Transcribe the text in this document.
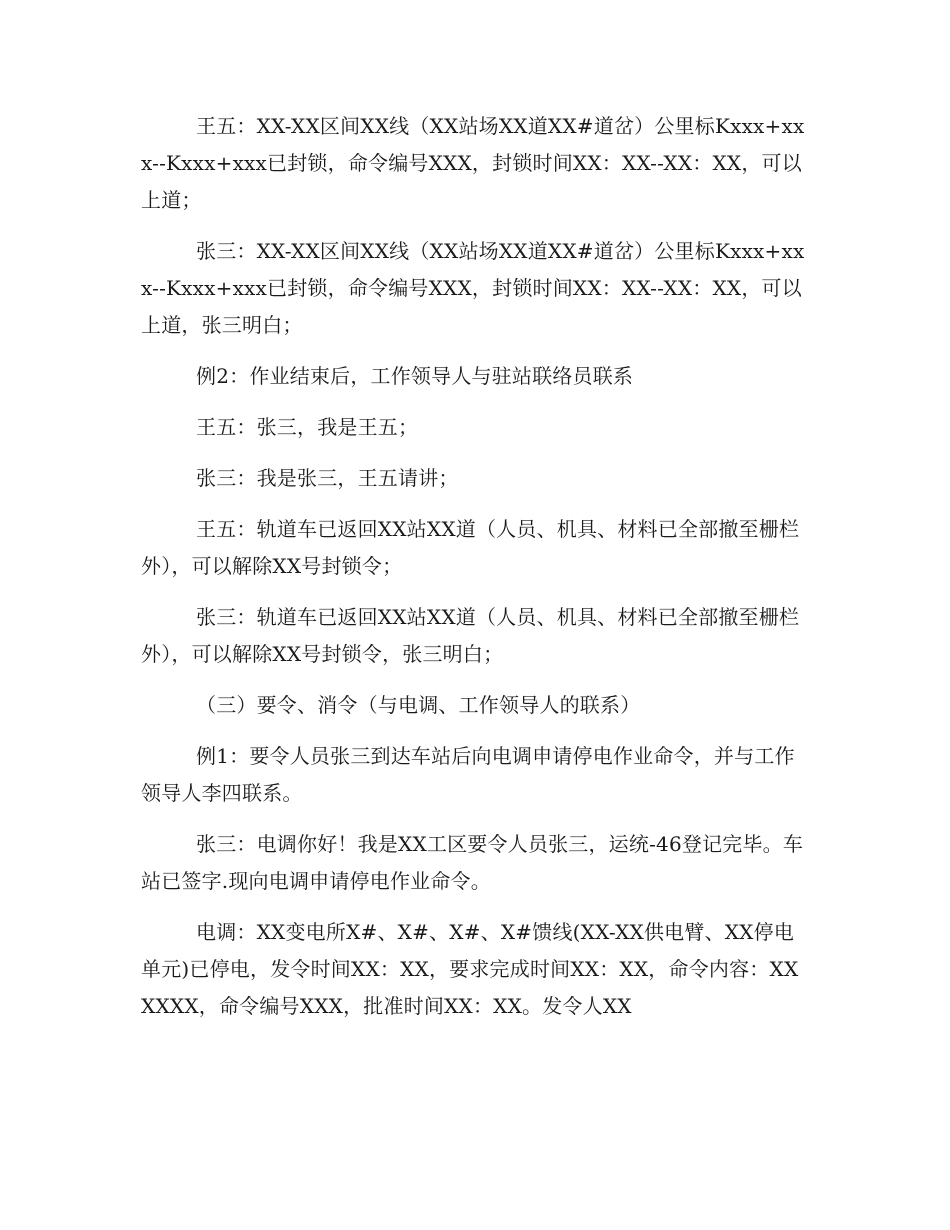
王五：XX-XX区间XX线（XX站场XX道XX#道岔）公里标Kxxx+xxx--Kxxx+xxx已封锁，命令编号XXX，封锁时间XX：XX--XX：XX，可以上道；

张三：XX-XX区间XX线（XX站场XX道XX#道岔）公里标Kxxx+xxx--Kxxx+xxx已封锁，命令编号XXX，封锁时间XX：XX--XX：XX，可以上道，张三明白；

例2：作业结束后，工作领导人与驻站联络员联系

王五：张三，我是王五；

张三：我是张三，王五请讲；

王五：轨道车已返回XX站XX道（人员、机具、材料已全部撤至栅栏外），可以解除XX号封锁令；

张三：轨道车已返回XX站XX道（人员、机具、材料已全部撤至栅栏外），可以解除XX号封锁令，张三明白；

（三）要令、消令（与电调、工作领导人的联系）

例1：要令人员张三到达车站后向电调申请停电作业命令，并与工作领导人李四联系。

张三：电调你好！我是XX工区要令人员张三，运统-46登记完毕。车站已签字.现向电调申请停电作业命令。

电调：XX变电所X#、X#、X#、X#馈线(XX-XX供电臂、XX停电单元)已停电，发令时间XX：XX，要求完成时间XX：XX，命令内容：XXXXXX，命令编号XXX，批准时间XX：XX。发令人XX
